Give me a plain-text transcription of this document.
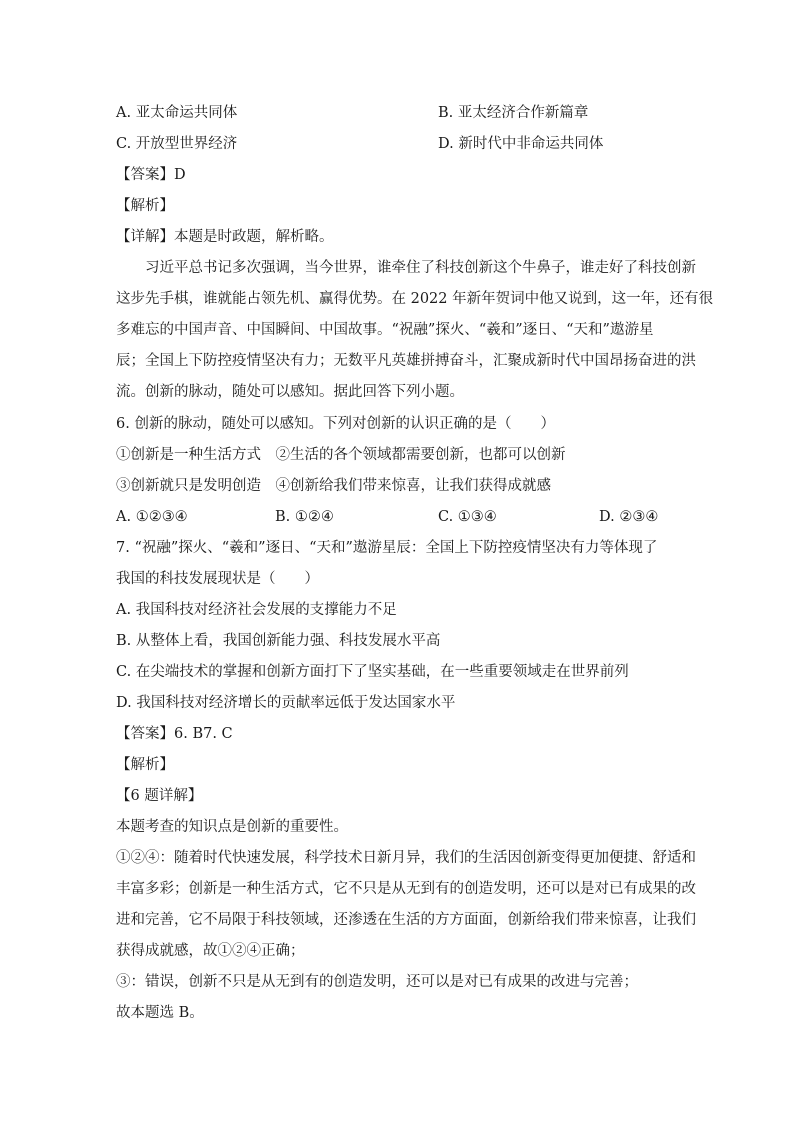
A. 亚太命运共同体	B. 亚太经济合作新篇章
C. 开放型世界经济	D. 新时代中非命运共同体
【答案】D
【解析】
【详解】本题是时政题，解析略。
　　习近平总书记多次强调，当今世界，谁牵住了科技创新这个牛鼻子，谁走好了科技创新
这步先手棋，谁就能占领先机、赢得优势。在 2022 年新年贺词中他又说到，这一年，还有很
多难忘的中国声音、中国瞬间、中国故事。“祝融”探火、“羲和”逐日、“天和”遨游星
辰；全国上下防控疫情坚决有力；无数平凡英雄拼搏奋斗，汇聚成新时代中国昂扬奋进的洪
流。创新的脉动，随处可以感知。据此回答下列小题。
6. 创新的脉动，随处可以感知。下列对创新的认识正确的是（　　）
①创新是一种生活方式　②生活的各个领域都需要创新，也都可以创新
③创新就只是发明创造　④创新给我们带来惊喜，让我们获得成就感
A. ①②③④	B. ①②④	C. ①③④	D. ②③④
7. “祝融”探火、“羲和”逐日、“天和”遨游星辰：全国上下防控疫情坚决有力等体现了
我国的科技发展现状是（　　）
A. 我国科技对经济社会发展的支撑能力不足
B. 从整体上看，我国创新能力强、科技发展水平高
C. 在尖端技术的掌握和创新方面打下了坚实基础，在一些重要领域走在世界前列
D. 我国科技对经济增长的贡献率远低于发达国家水平
【答案】6. B7. C
【解析】
【6 题详解】
本题考查的知识点是创新的重要性。
①②④：随着时代快速发展，科学技术日新月异，我们的生活因创新变得更加便捷、舒适和
丰富多彩；创新是一种生活方式，它不只是从无到有的创造发明，还可以是对已有成果的改
进和完善，它不局限于科技领域，还渗透在生活的方方面面，创新给我们带来惊喜，让我们
获得成就感，故①②④正确；
③：错误，创新不只是从无到有的创造发明，还可以是对已有成果的改进与完善；
故本题选 B。
